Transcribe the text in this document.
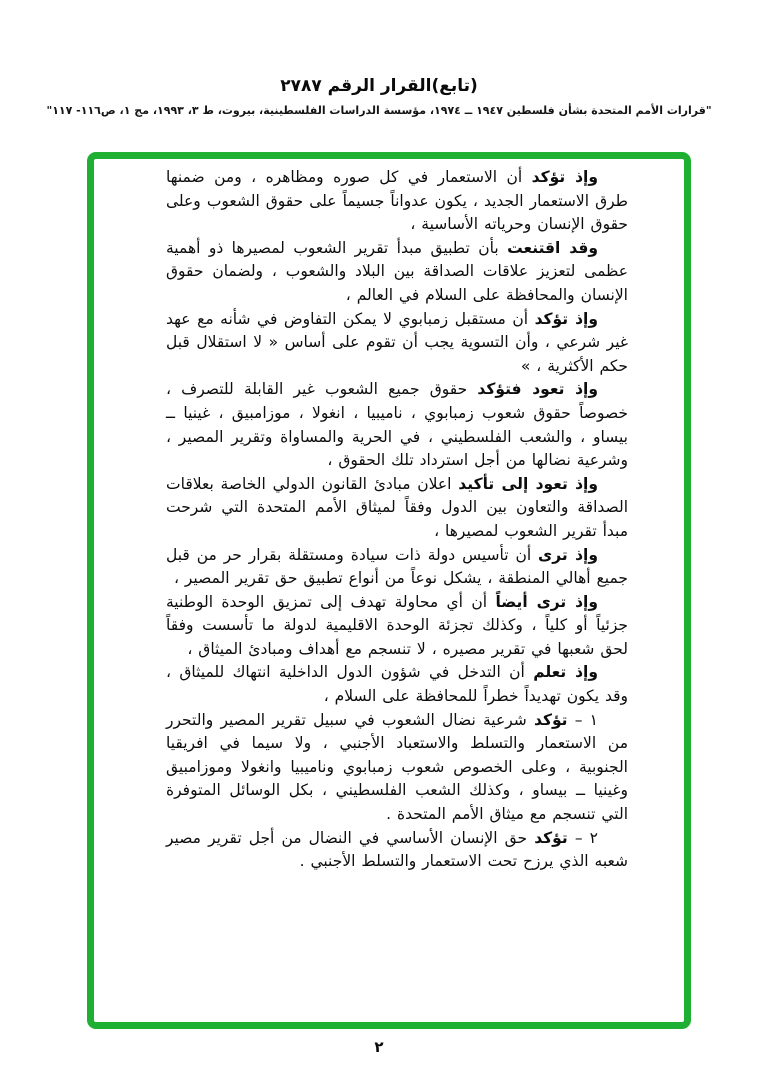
(تابع)القرار الرقم ٢٧٨٧
"قرارات الأمم المتحدة بشأن فلسطين ١٩٤٧ ــ ١٩٧٤، مؤسسة الدراسات الفلسطينية، بيروت، ط ٣، ١٩٩٣، مج ١، ص١١٦- ١١٧"

وإذ تؤكد أن الاستعمار في كل صوره ومظاهره ، ومن ضمنها طرق الاستعمار الجديد ، يكون عدواناً جسيماً على حقوق الشعوب وعلى حقوق الإنسان وحرياته الأساسية ،

وقد اقتنعت بأن تطبيق مبدأ تقرير الشعوب لمصيرها ذو أهمية عظمى لتعزيز علاقات الصداقة بين البلاد والشعوب ، ولضمان حقوق الإنسان والمحافظة على السلام في العالم ،

وإذ تؤكد أن مستقبل زمبابوي لا يمكن التفاوض في شأنه مع عهد غير شرعي ، وأن التسوية يجب أن تقوم على أساس « لا استقلال قبل حكم الأكثرية ، »

وإذ تعود فتؤكد حقوق جميع الشعوب غير القابلة للتصرف ، خصوصاً حقوق شعوب زمبابوي ، ناميبيا ، انغولا ، موزامبيق ، غينيا ــ بيساو ، والشعب الفلسطيني ، في الحرية والمساواة وتقرير المصير ، وشرعية نضالها من أجل استرداد تلك الحقوق ،

وإذ تعود إلى تأكيد اعلان مبادئ القانون الدولي الخاصة بعلاقات الصداقة والتعاون بين الدول وفقاً لميثاق الأمم المتحدة التي شرحت مبدأ تقرير الشعوب لمصيرها ،

وإذ ترى أن تأسيس دولة ذات سيادة ومستقلة بقرار حر من قبل جميع أهالي المنطقة ، يشكل نوعاً من أنواع تطبيق حق تقرير المصير ،

وإذ ترى أيضاً أن أي محاولة تهدف إلى تمزيق الوحدة الوطنية جزئياً أو كلياً ، وكذلك تجزئة الوحدة الاقليمية لدولة ما تأسست وفقاً لحق شعبها في تقرير مصيره ، لا تنسجم مع أهداف ومبادئ الميثاق ،

وإذ تعلم أن التدخل في شؤون الدول الداخلية انتهاك للميثاق ، وقد يكون تهديداً خطراً للمحافظة على السلام ،

١ – تؤكد شرعية نضال الشعوب في سبيل تقرير المصير والتحرر من الاستعمار والتسلط والاستعباد الأجنبي ، ولا سيما في افريقيا الجنوبية ، وعلى الخصوص شعوب زمبابوي وناميبيا وانغولا وموزامبيق وغينيا ــ بيساو ، وكذلك الشعب الفلسطيني ، بكل الوسائل المتوفرة التي تنسجم مع ميثاق الأمم المتحدة .

٢ – تؤكد حق الإنسان الأساسي في النضال من أجل تقرير مصير شعبه الذي يرزح تحت الاستعمار والتسلط الأجنبي .

٢
